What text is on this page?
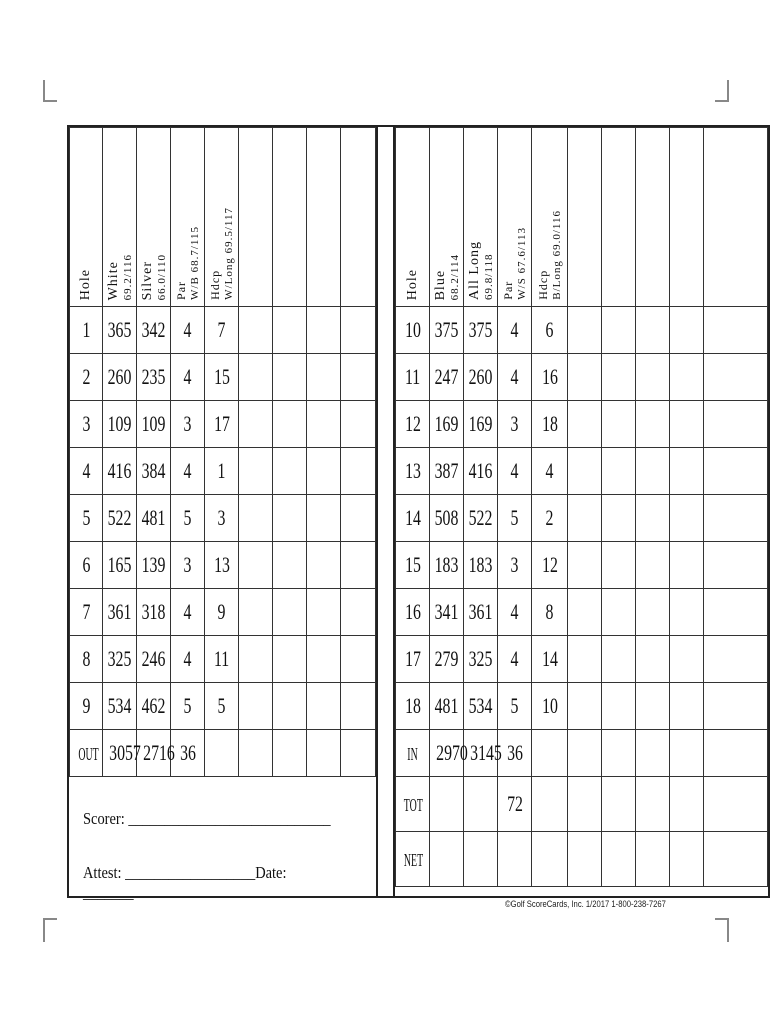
Hole	White 69.2/116	Silver 66.0/110	Par W/B 68.7/115	Hdcp W/Long 69.5/117				

1	365	342	4	7				
2	260	235	4	15				
3	109	109	3	17				
4	416	384	4	1				
5	522	481	5	3				
6	165	139	3	13				
7	361	318	4	9				
8	325	246	4	11				
9	534	462	5	5				
OUT	3057	2716	36					
Scorer: ____________________________
Attest: __________________Date: _______
Hole	Blue 68.2/114	All Long 69.8/118	Par W/S 67.6/113	Hdcp B/Long 69.0/116					

10	375	375	4	6					
11	247	260	4	16					
12	169	169	3	18					
13	387	416	4	4					
14	508	522	5	2					
15	183	183	3	12					
16	341	361	4	8					
17	279	325	4	14					
18	481	534	5	10					
IN	2970	3145	36						
TOT			72						
NET									
©Golf ScoreCards, Inc. 1/2017 1-800-238-7267
